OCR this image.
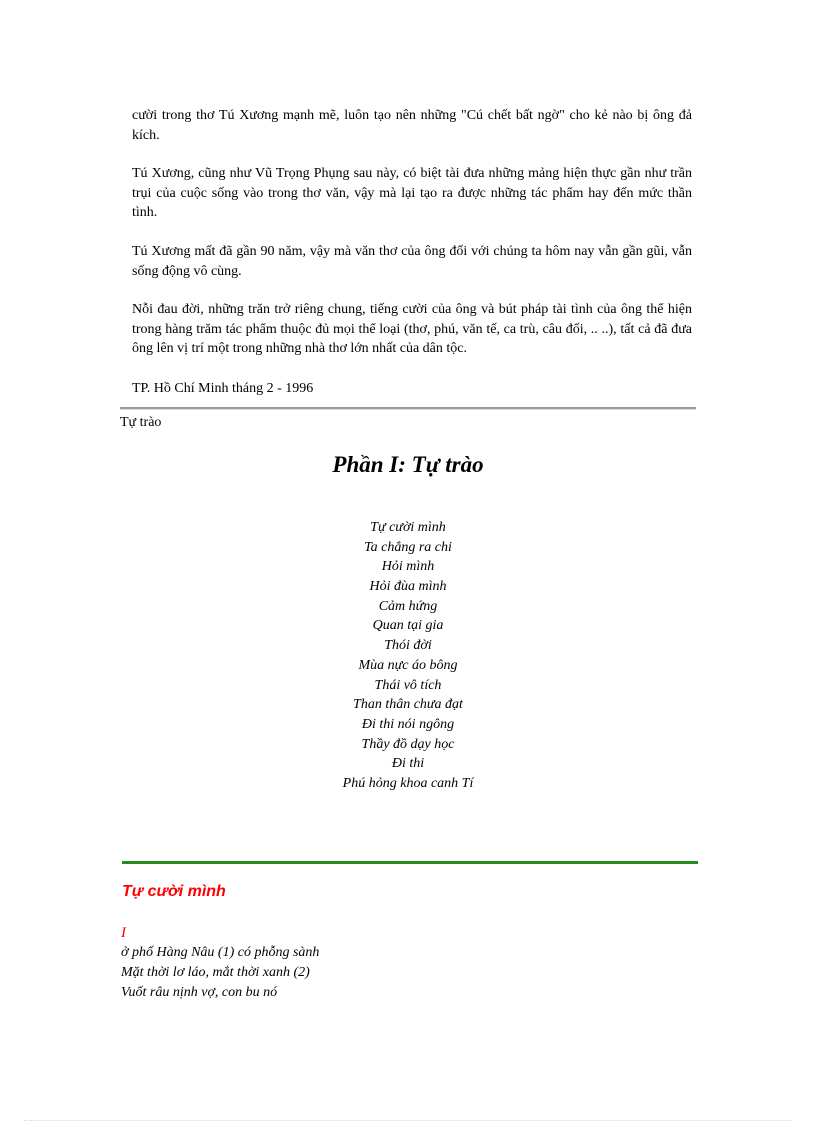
cười trong thơ Tú Xương mạnh mẽ, luôn tạo nên những "Cú chết bất ngờ" cho kẻ nào bị ông đả kích.

Tú Xương, cũng như Vũ Trọng Phụng sau này, có biệt tài đưa những mảng hiện thực gần như trần trụi của cuộc sống vào trong thơ văn, vậy mà lại tạo ra được những tác phẩm hay đến mức thần tình.

Tú Xương mất đã gần 90 năm, vậy mà văn thơ của ông đối với chúng ta hôm nay vẫn gần gũi, vẫn sống động vô cùng.

Nỗi đau đời, những trăn trở riêng chung, tiếng cười của ông và bút pháp tài tình của ông thể hiện trong hàng trăm tác phẩm thuộc đủ mọi thể loại (thơ, phú, văn tế, ca trù, câu đối, .. ..), tất cả đã đưa ông lên vị trí một trong những nhà thơ lớn nhất của dân tộc.

TP. Hồ Chí Minh tháng 2 - 1996

Tự trào

Phần I: Tự trào
Tự cười mình
Ta chẳng ra chi
Hỏi mình
Hỏi đùa mình
Cảm hứng
Quan tại gia
Thói đời
Mùa nực áo bông
Thái vô tích
Than thân chưa đạt
Đi thi nói ngông
Thầy đồ dạy học
Đi thi
Phú hỏng khoa canh Tí
Tự cười mình

I

ở phố Hàng Nâu (1) có phỗng sành
Mặt thời lơ láo, mắt thời xanh (2)
Vuốt râu nịnh vợ, con bu nó
